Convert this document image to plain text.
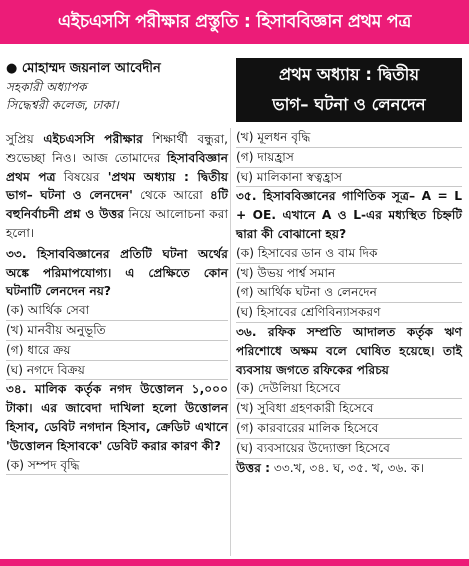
এইচএসসি পরীক্ষার প্রস্তুতি : হিসাববিজ্ঞান প্রথম পত্র
● মোহাম্মদ জয়নাল আবেদীন
সহকারী অধ্যাপক
সিদ্ধেশ্বরী কলেজ, ঢাকা।
প্রথম অধ্যায় : দ্বিতীয়
ভাগ– ঘটনা ও লেনদেন

সুপ্রিয় এইচএসসি পরীক্ষার শিক্ষার্থী বন্ধুরা, শুভেচ্ছা নিও। আজ তোমাদের হিসাববিজ্ঞান প্রথম পত্র বিষয়ের 'প্রথম অধ্যায় : দ্বিতীয় ভাগ– ঘটনা ও লেনদেন' থেকে আরো ৪টি বহুনির্বাচনী প্রশ্ন ও উত্তর নিয়ে আলোচনা করা হলো।

৩৩. হিসাববিজ্ঞানের প্রতিটি ঘটনা অর্থের অঙ্কে পরিমাপযোগ্য। এ প্রেক্ষিতে কোন ঘটনাটি লেনদেন নয়?

(ক) আর্থিক সেবা

(খ) মানবীয় অনুভূতি

(গ) ধারে ক্রয়

(ঘ) নগদে বিক্রয়

৩৪. মালিক কর্তৃক নগদ উত্তোলন ১,০০০ টাকা। এর জাবেদা দাখিলা হলো উত্তোলন হিসাব, ডেবিট নগদান হিসাব, ক্রেডিট এখানে 'উত্তোলন হিসাবকে' ডেবিট করার কারণ কী?

(ক) সম্পদ বৃদ্ধি

(খ) মূলধন বৃদ্ধি

(গ) দায়হ্রাস

(ঘ) মালিকানা স্বত্বহ্রাস

৩৫. হিসাববিজ্ঞানের গাণিতিক সূত্র– A = L + OE. এখানে A ও L-এর মধ্যস্থিত চিহ্নটি দ্বারা কী বোঝানো হয়?

(ক) হিসাবের ডান ও বাম দিক

(খ) উভয় পার্শ্ব সমান

(গ) আর্থিক ঘটনা ও লেনদেন

(ঘ) হিসাবের শ্রেণিবিন্যাসকরণ

৩৬. রফিক সম্প্রতি আদালত কর্তৃক ঋণ পরিশোধে অক্ষম বলে ঘোষিত হয়েছে। তাই ব্যবসায় জগতে রফিকের পরিচয়

(ক) দেউলিয়া হিসেবে

(খ) সুবিধা গ্রহণকারী হিসেবে

(গ) কারবারের মালিক হিসেবে

(ঘ) ব্যবসায়ের উদ্যোক্তা হিসেবে

উত্তর : ৩৩.খ, ৩৪. ঘ, ৩৫. খ, ৩৬. ক।
